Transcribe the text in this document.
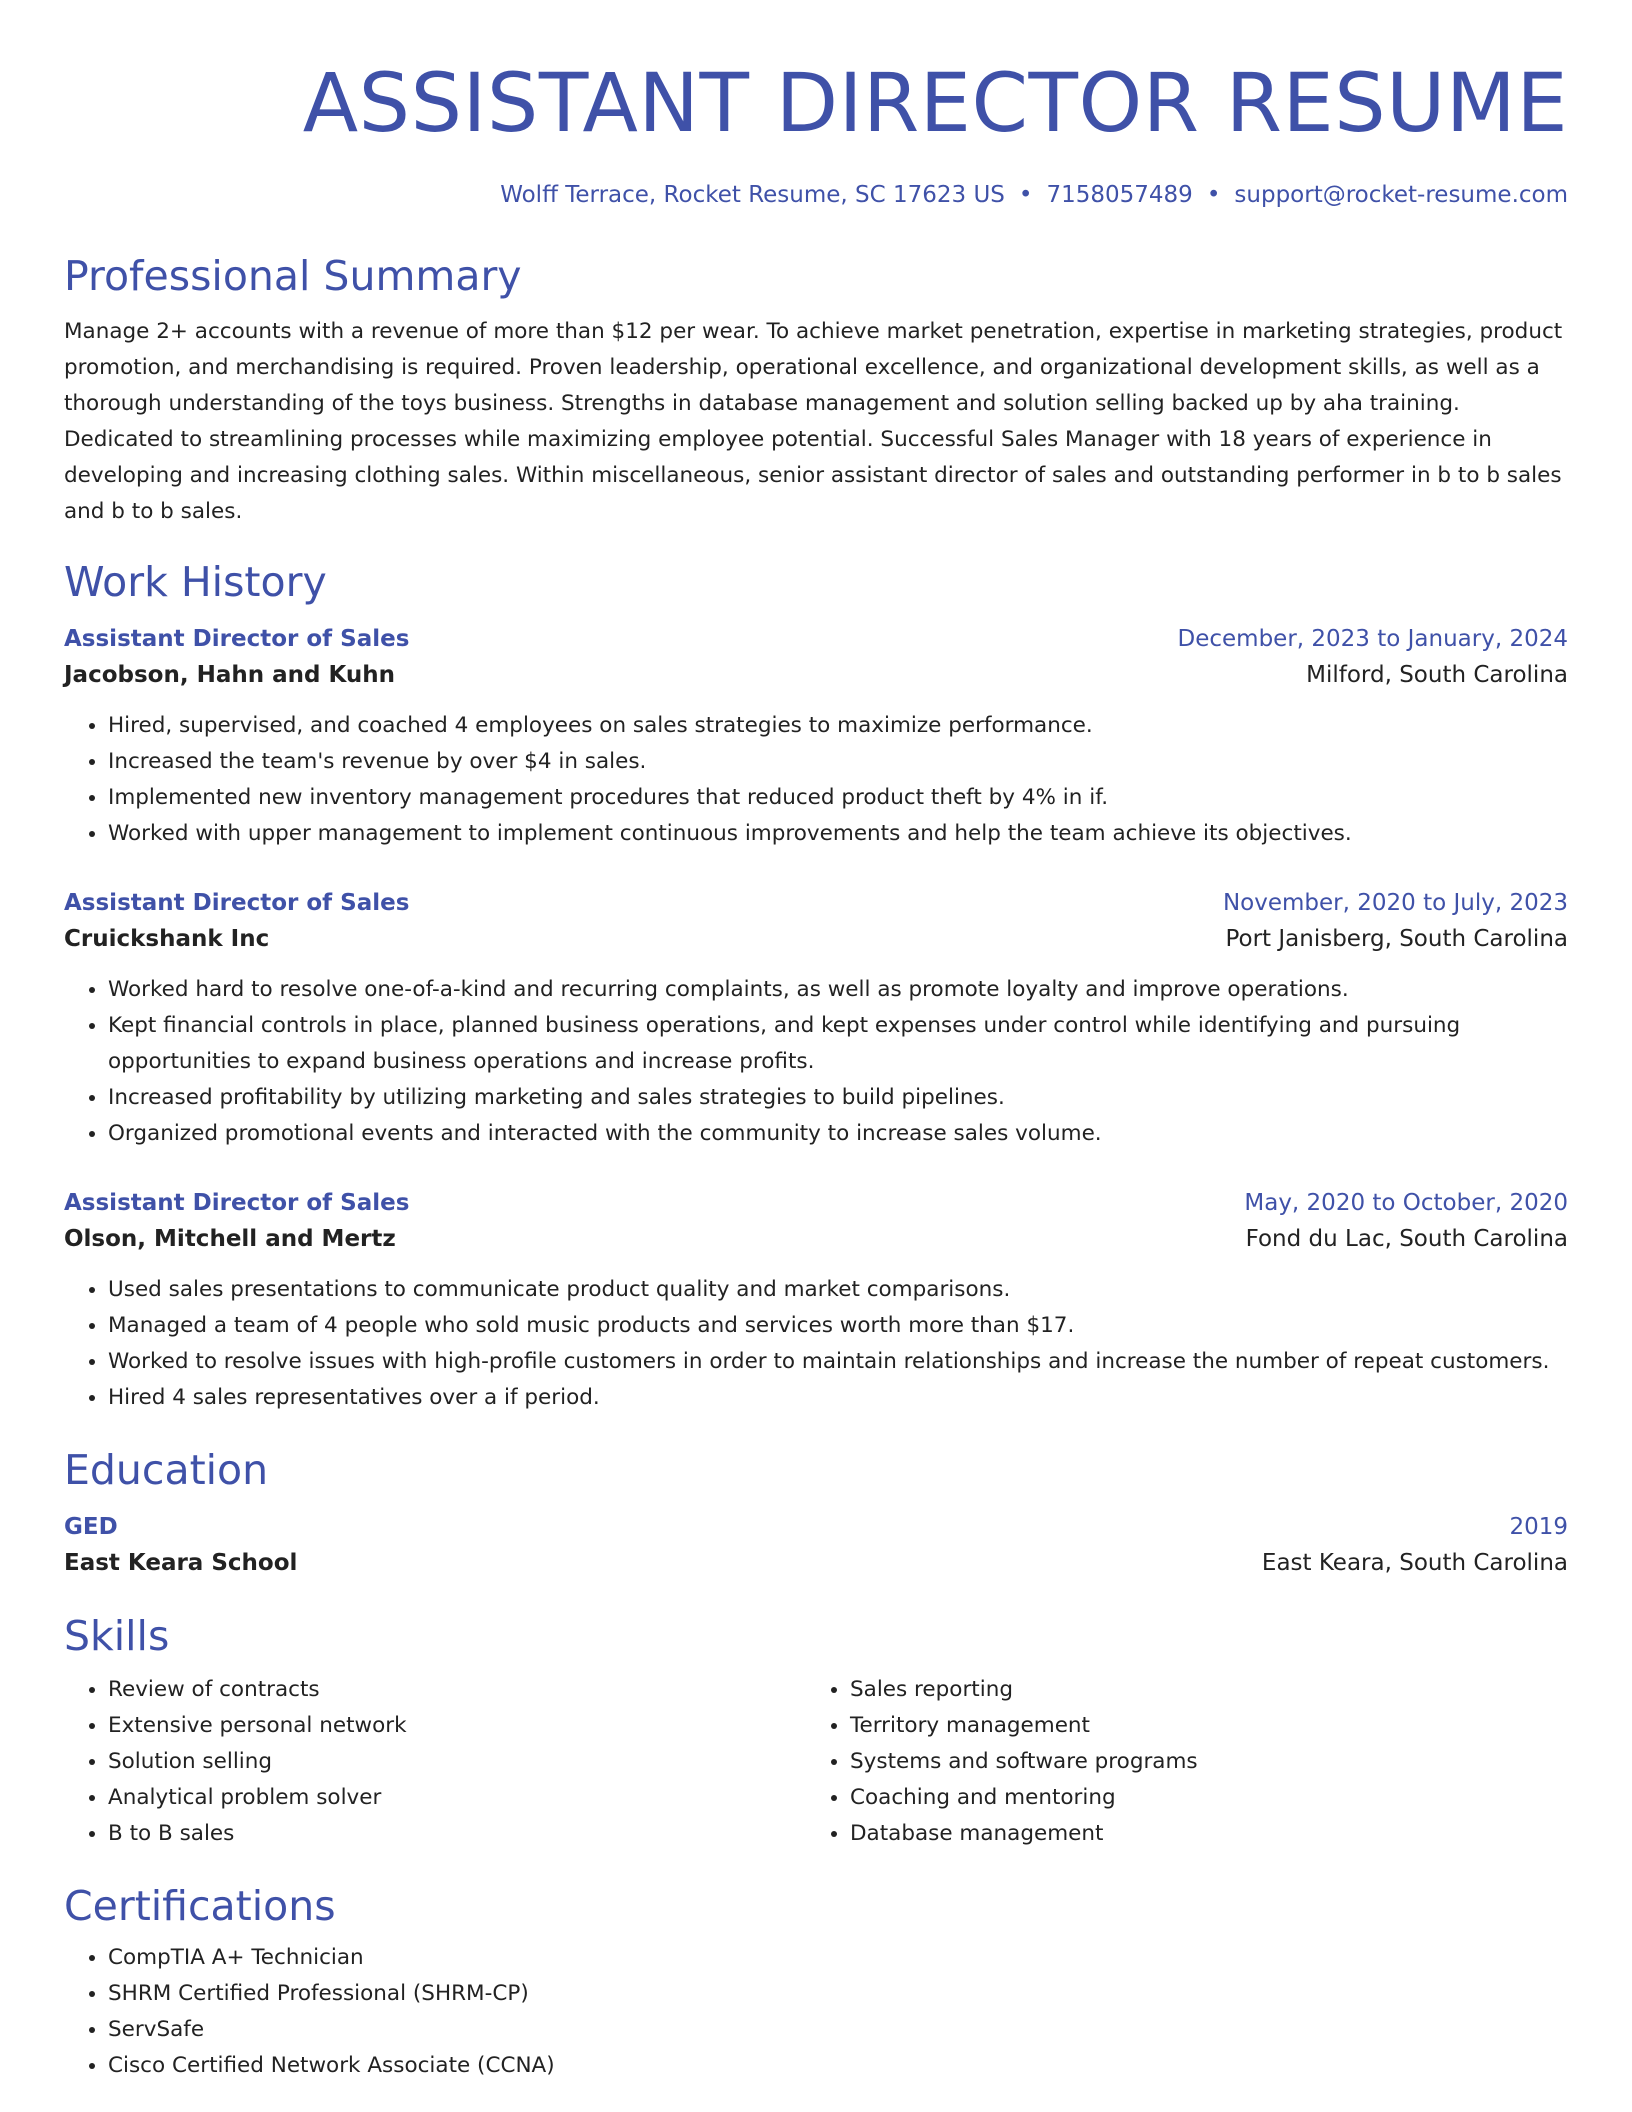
ASSISTANT DIRECTOR RESUME
Wolff Terrace, Rocket Resume, SC 17623 US • 7158057489 • support@rocket-resume.com
Professional Summary

Manage 2+ accounts with a revenue of more than $12 per wear. To achieve market penetration, expertise in marketing strategies, product promotion, and merchandising is required. Proven leadership, operational excellence, and organizational development skills, as well as a thorough understanding of the toys business. Strengths in database management and solution selling backed up by aha training. Dedicated to streamlining processes while maximizing employee potential. Successful Sales Manager with 18 years of experience in developing and increasing clothing sales. Within miscellaneous, senior assistant director of sales and outstanding performer in b to b sales and b to b sales.

Work History
Assistant Director of Sales	December, 2023 to January, 2024
Jacobson, Hahn and Kuhn	Milford, South Carolina
• Hired, supervised, and coached 4 employees on sales strategies to maximize performance.
• Increased the team's revenue by over $4 in sales.
• Implemented new inventory management procedures that reduced product theft by 4% in if.
• Worked with upper management to implement continuous improvements and help the team achieve its objectives.
Assistant Director of Sales	November, 2020 to July, 2023
Cruickshank Inc	Port Janisberg, South Carolina
• Worked hard to resolve one-of-a-kind and recurring complaints, as well as promote loyalty and improve operations.
• Kept financial controls in place, planned business operations, and kept expenses under control while identifying and pursuing opportunities to expand business operations and increase profits.
• Increased profitability by utilizing marketing and sales strategies to build pipelines.
• Organized promotional events and interacted with the community to increase sales volume.
Assistant Director of Sales	May, 2020 to October, 2020
Olson, Mitchell and Mertz	Fond du Lac, South Carolina
• Used sales presentations to communicate product quality and market comparisons.
• Managed a team of 4 people who sold music products and services worth more than $17.
• Worked to resolve issues with high-profile customers in order to maintain relationships and increase the number of repeat customers.
• Hired 4 sales representatives over a if period.
Education
GED	2019
East Keara School	East Keara, South Carolina
Skills
• Review of contracts
• Extensive personal network
• Solution selling
• Analytical problem solver
• B to B sales
• Sales reporting
• Territory management
• Systems and software programs
• Coaching and mentoring
• Database management
Certifications
• CompTIA A+ Technician
• SHRM Certified Professional (SHRM-CP)
• ServSafe
• Cisco Certified Network Associate (CCNA)
